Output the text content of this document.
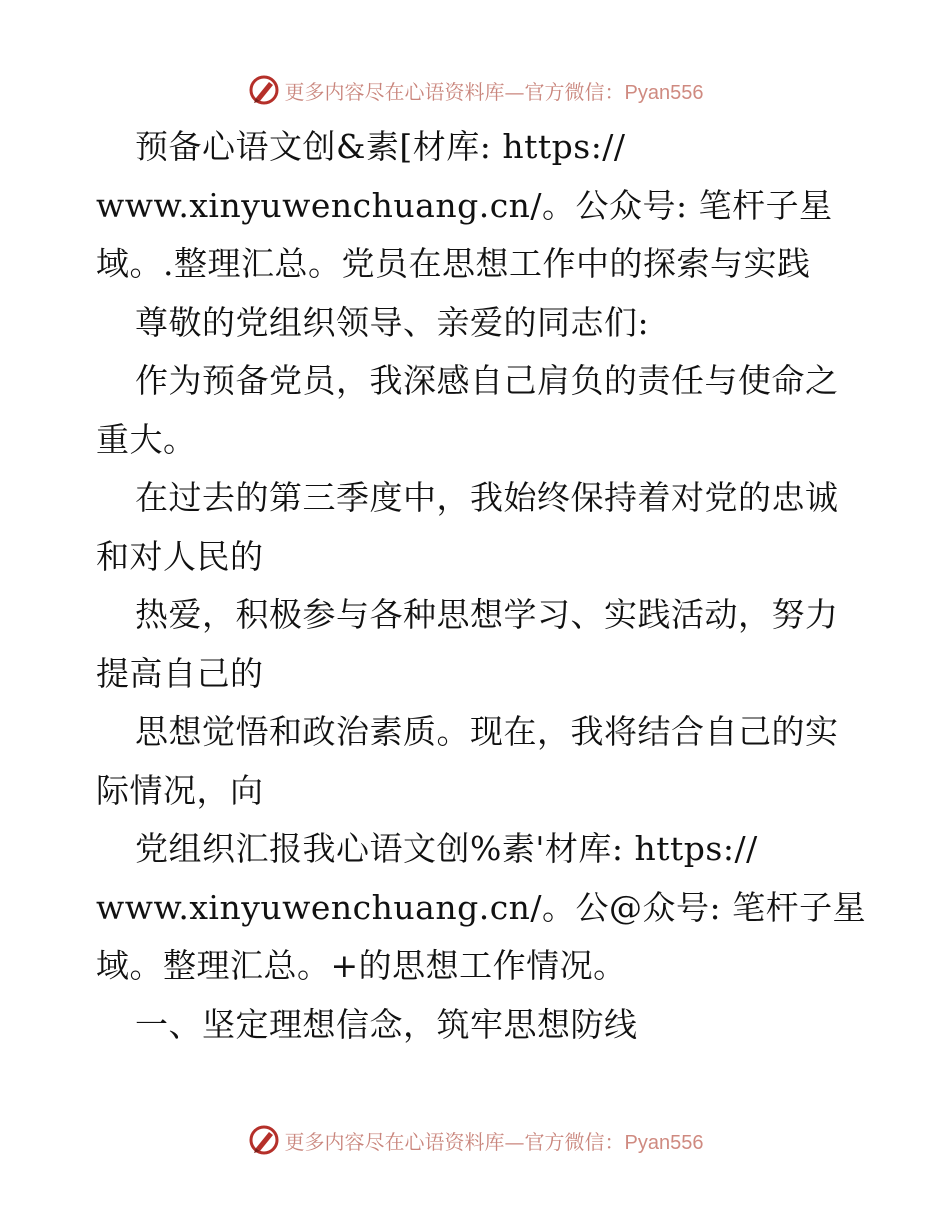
更多内容尽在心语资料库—官方微信：Pyan556
预备心语文创&素[材库: https://
www.xinyuwenchuang.cn/。公众号: 笔杆子星
域。.整理汇总。党员在思想工作中的探索与实践
尊敬的党组织领导、亲爱的同志们:
作为预备党员，我深感自己肩负的责任与使命之
重大。
在过去的第三季度中，我始终保持着对党的忠诚
和对人民的
热爱，积极参与各种思想学习、实践活动，努力
提高自己的
思想觉悟和政治素质。现在，我将结合自己的实
际情况，向
党组织汇报我心语文创%素'材库: https://
www.xinyuwenchuang.cn/。公@众号: 笔杆子星
域。整理汇总。+的思想工作情况。
一、坚定理想信念，筑牢思想防线
更多内容尽在心语资料库—官方微信：Pyan556
